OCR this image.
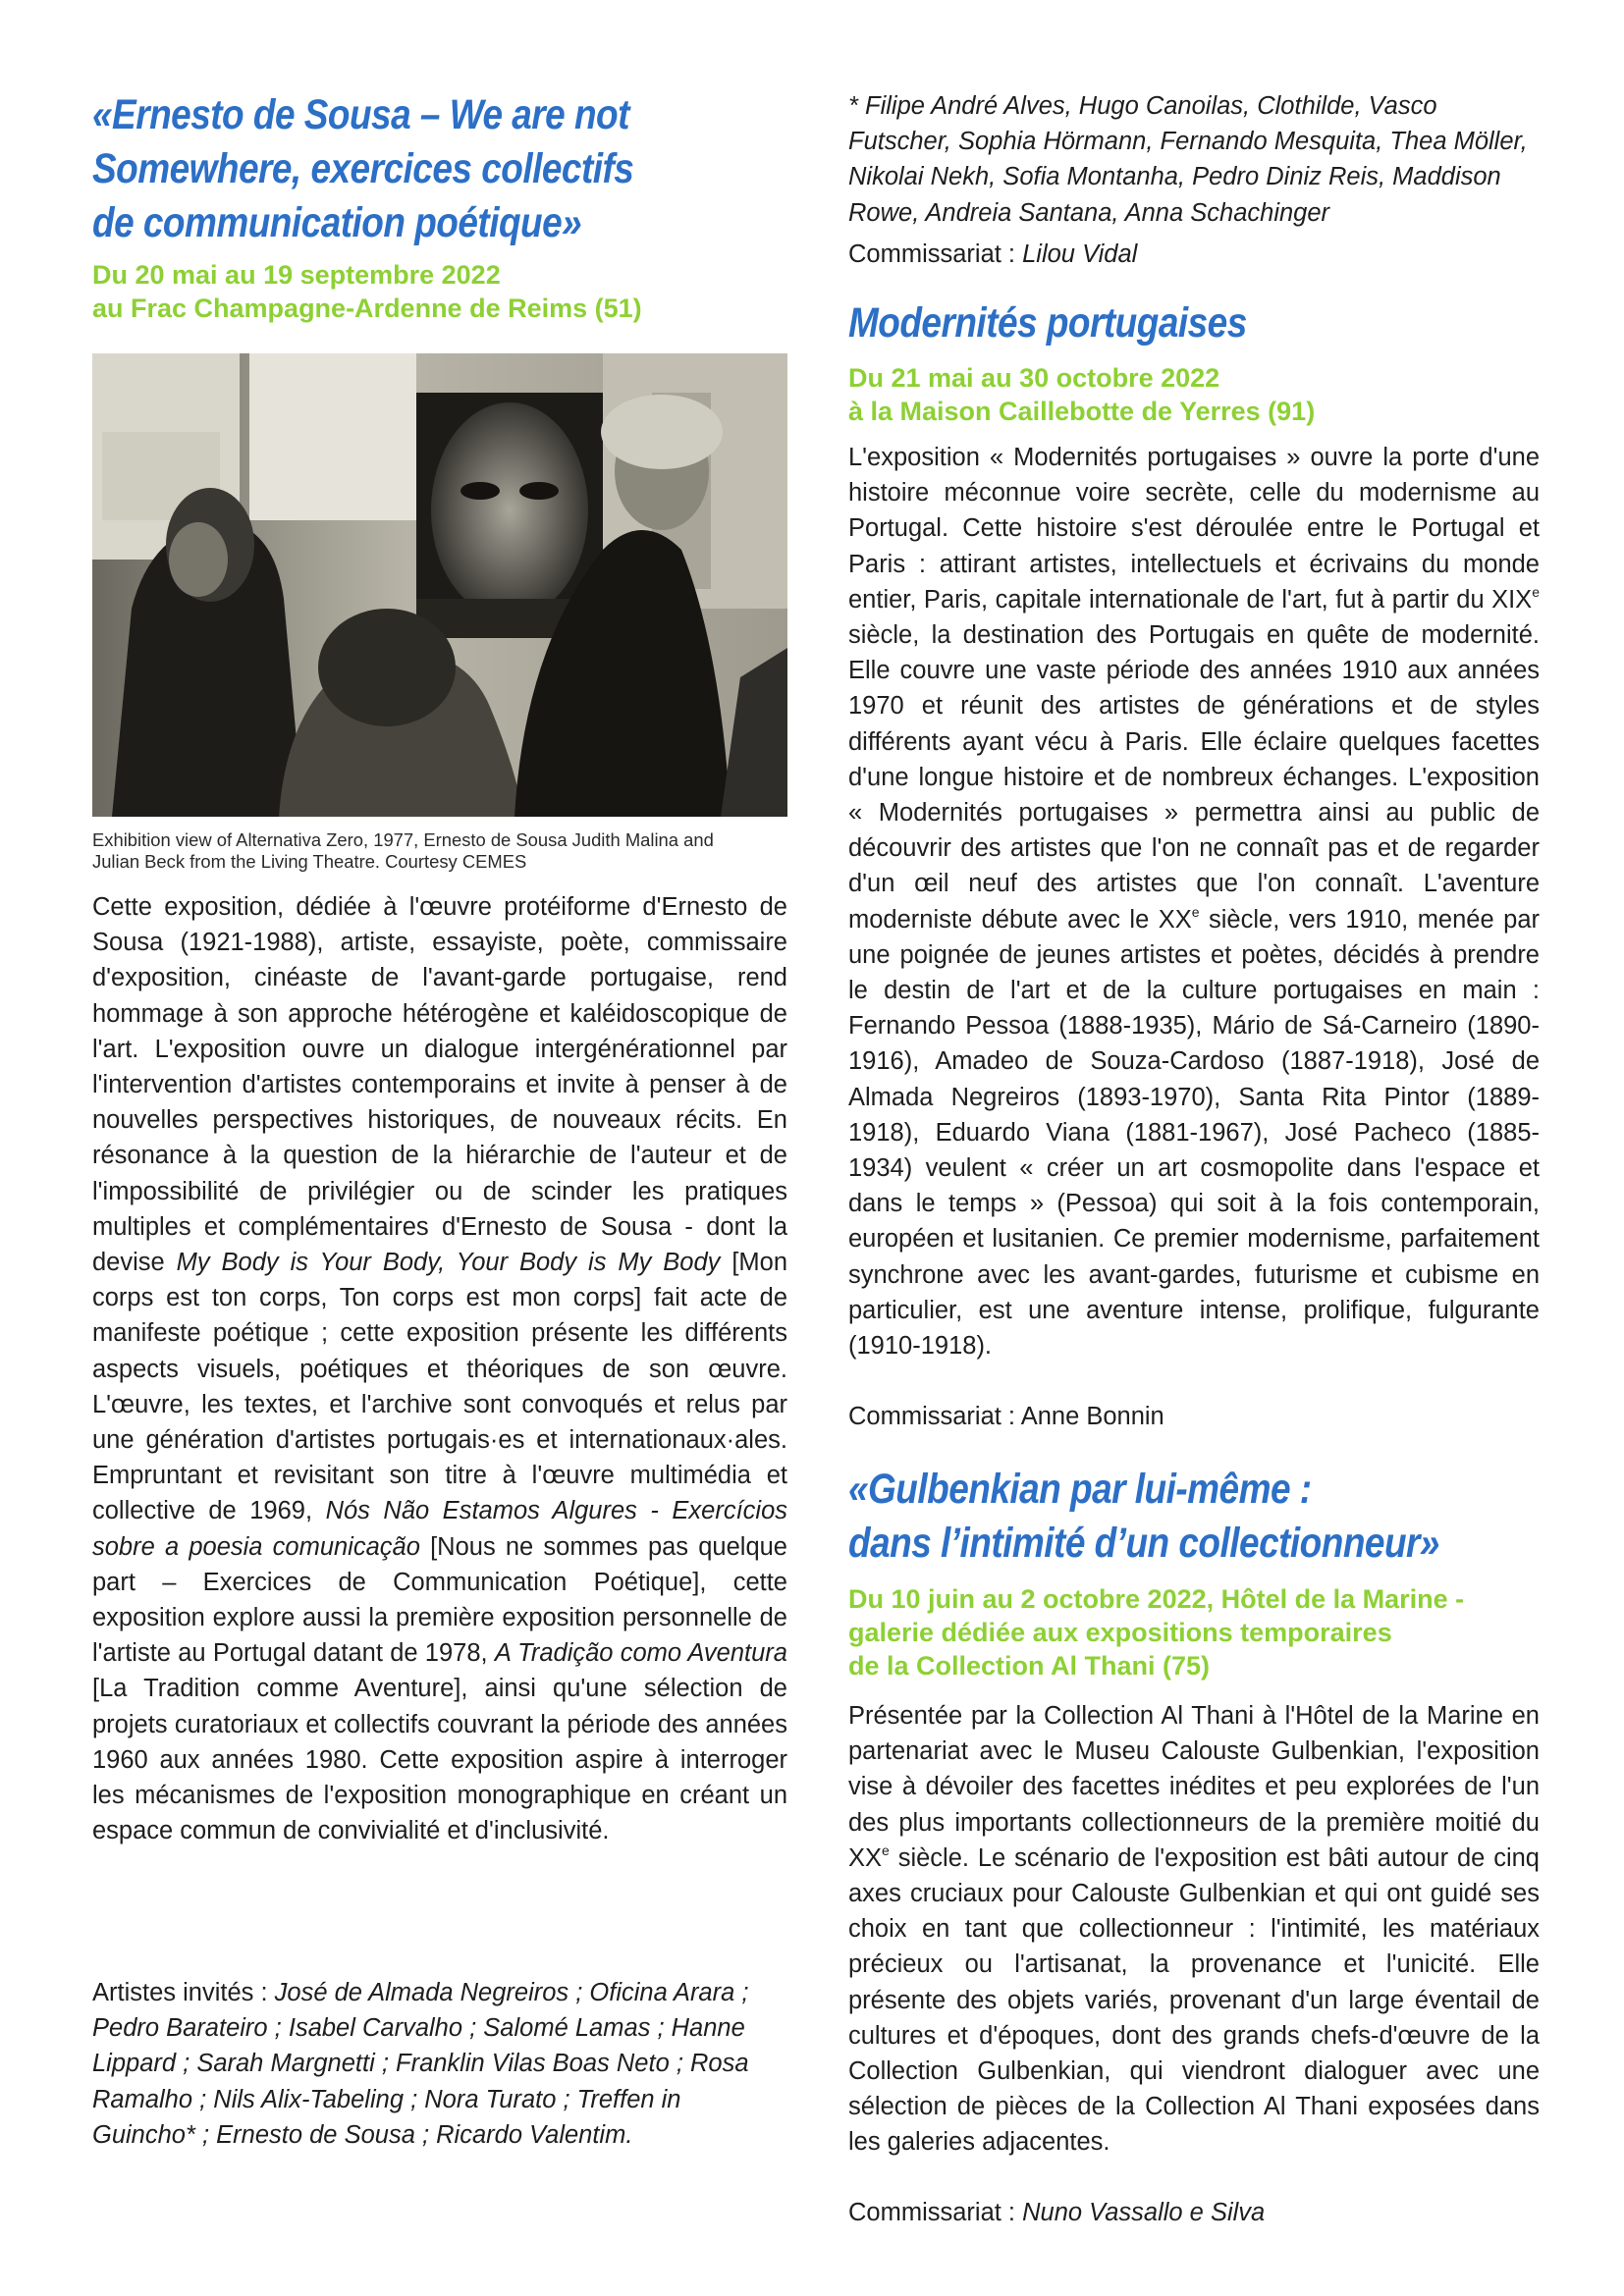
«Ernesto de Sousa – We are not
Somewhere, exercices collectifs
de communication poétique»

Du 20 mai au 19 septembre 2022
au Frac Champagne-Ardenne de Reims (51)

Exhibition view of Alternativa Zero, 1977, Ernesto de Sousa Judith Malina and
Julian Beck from the Living Theatre. Courtesy CEMES

Cette exposition, dédiée à l'œuvre protéiforme d'Ernesto de Sousa (1921-1988), artiste, essayiste, poète, commissaire d'exposition, cinéaste de l'avant-garde portugaise, rend hommage à son approche hétérogène et kaléidoscopique de l'art. L'exposition ouvre un dialogue intergénérationnel par l'intervention d'artistes contemporains et invite à penser à de nouvelles perspectives historiques, de nouveaux récits. En résonance à la question de la hiérarchie de l'auteur et de l'impossibilité de privilégier ou de scinder les pratiques multiples et complémentaires d'Ernesto de Sousa - dont la devise My Body is Your Body, Your Body is My Body [Mon corps est ton corps, Ton corps est mon corps] fait acte de manifeste poétique ; cette exposition présente les différents aspects visuels, poétiques et théoriques de son œuvre. L'œuvre, les textes, et l'archive sont convoqués et relus par une génération d'artistes portugais·es et internationaux·ales. Empruntant et revisitant son titre à l'œuvre multimédia et collective de 1969, Nós Não Estamos Algures - Exercícios sobre a poesia comunicação [Nous ne sommes pas quelque part – Exercices de Communication Poétique], cette exposition explore aussi la première exposition personnelle de l'artiste au Portugal datant de 1978, A Tradição como Aventura [La Tradition comme Aventure], ainsi qu'une sélection de projets curatoriaux et collectifs couvrant la période des années 1960 aux années 1980. Cette exposition aspire à interroger les mécanismes de l'exposition monographique en créant un espace commun de convivialité et d'inclusivité.

Artistes invités : José de Almada Negreiros ; Oficina Arara ; Pedro Barateiro ; Isabel Carvalho ; Salomé Lamas ; Hanne Lippard ; Sarah Margnetti ; Franklin Vilas Boas Neto ; Rosa Ramalho ; Nils Alix-Tabeling ; Nora Turato ; Treffen in Guincho* ; Ernesto de Sousa ; Ricardo Valentim.

* Filipe André Alves, Hugo Canoilas, Clothilde, Vasco Futscher, Sophia Hörmann, Fernando Mesquita, Thea Möller, Nikolai Nekh, Sofia Montanha, Pedro Diniz Reis, Maddison Rowe, Andreia Santana, Anna Schachinger

Commissariat : Lilou Vidal

Modernités portugaises

Du 21 mai au 30 octobre 2022
à la Maison Caillebotte de Yerres (91)

L'exposition « Modernités portugaises » ouvre la porte d'une histoire méconnue voire secrète, celle du modernisme au Portugal. Cette histoire s'est déroulée entre le Portugal et Paris : attirant artistes, intellectuels et écrivains du monde entier, Paris, capitale internationale de l'art, fut à partir du XIXe siècle, la destination des Portugais en quête de modernité. Elle couvre une vaste période des années 1910 aux années 1970 et réunit des artistes de générations et de styles différents ayant vécu à Paris. Elle éclaire quelques facettes d'une longue histoire et de nombreux échanges. L'exposition « Modernités portugaises » permettra ainsi au public de découvrir des artistes que l'on ne connaît pas et de regarder d'un œil neuf des artistes que l'on connaît. L'aventure moderniste débute avec le XXe siècle, vers 1910, menée par une poignée de jeunes artistes et poètes, décidés à prendre le destin de l'art et de la culture portugaises en main : Fernando Pessoa (1888-1935), Mário de Sá-Carneiro (1890-1916), Amadeo de Souza-Cardoso (1887-1918), José de Almada Negreiros (1893-1970), Santa Rita Pintor (1889-1918), Eduardo Viana (1881-1967), José Pacheco (1885-1934) veulent « créer un art cosmopolite dans l'espace et dans le temps » (Pessoa) qui soit à la fois contemporain, européen et lusitanien. Ce premier modernisme, parfaitement synchrone avec les avant-gardes, futurisme et cubisme en particulier, est une aventure intense, prolifique, fulgurante (1910-1918).

Commissariat : Anne Bonnin

«Gulbenkian par lui-même :
dans l’intimité d’un collectionneur»

Du 10 juin au 2 octobre 2022, Hôtel de la Marine -
galerie dédiée aux expositions temporaires
de la Collection Al Thani (75)

Présentée par la Collection Al Thani à l'Hôtel de la Marine en partenariat avec le Museu Calouste Gulbenkian, l'exposition vise à dévoiler des facettes inédites et peu explorées de l'un des plus importants collectionneurs de la première moitié du XXe siècle. Le scénario de l'exposition est bâti autour de cinq axes cruciaux pour Calouste Gulbenkian et qui ont guidé ses choix en tant que collectionneur : l'intimité, les matériaux précieux ou l'artisanat, la provenance et l'unicité. Elle présente des objets variés, provenant d'un large éventail de cultures et d'époques, dont des grands chefs-d'œuvre de la Collection Gulbenkian, qui viendront dialoguer avec une sélection de pièces de la Collection Al Thani exposées dans les galeries adjacentes.

Commissariat : Nuno Vassallo e Silva
